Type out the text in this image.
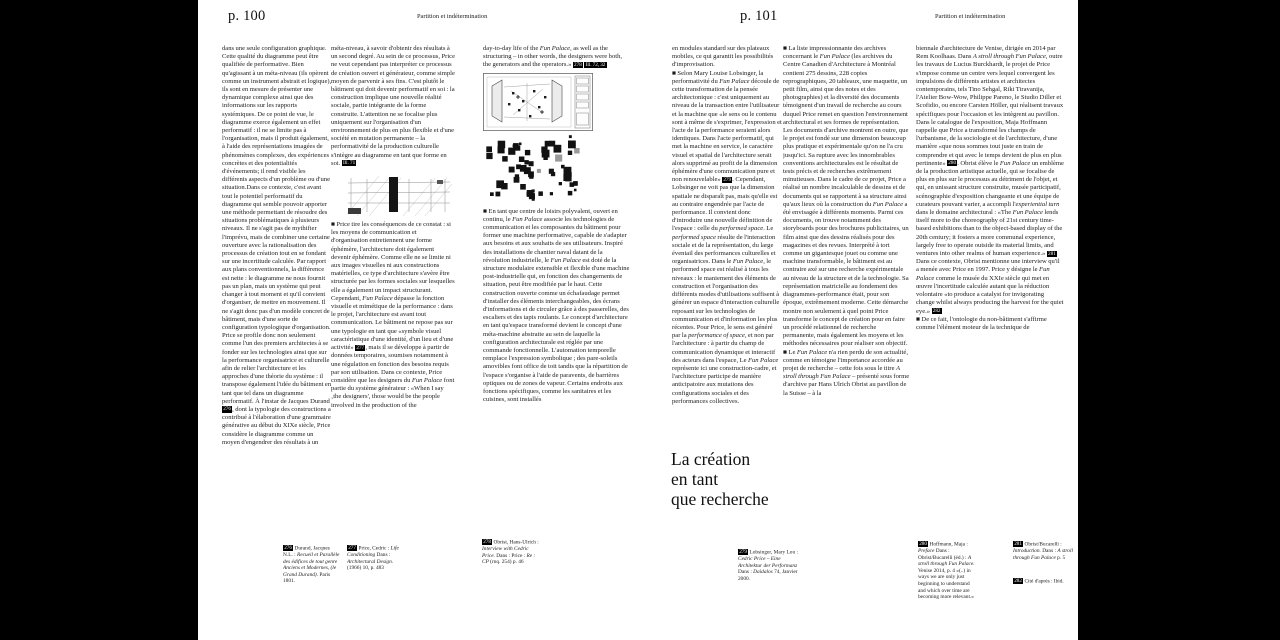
p. 100	Partition et indétermination

dans une seule configuration graphique. Cette qualité du diagramme peut être qualifiée de performative. Bien qu'agissant à un méta-niveau (ils opèrent comme un instrument abstrait et logique), ils sont en mesure de présenter une dynamique complexe ainsi que des informations sur les rapports systémiques. De ce point de vue, le diagramme exerce également un effet performatif : il ne se limite pas à l'organisation, mais il produit également, à l'aide des représentations imagées de phénomènes complexes, des expériences concrètes et des potentialités d'événements; il rend visible les différents aspects d'un problème ou d'une situation.Dans ce contexte, c'est avant tout le potentiel performatif du diagramme qui semble pouvoir apporter une méthode permettant de résoudre des situations problématiques à plusieurs niveaux. Il ne s'agit pas de mythifier l'imprévu, mais de combiner une certaine ouverture avec la rationalisation des processus de création tout en se fondant sur une incertitude calculée. Par rapport aux plans conventionnels, la différence est nette : le diagramme ne nous fournit pas un plan, mais un système qui peut changer à tout moment et qu'il convient d'organiser, de mettre en mouvement. Il ne s'agit donc pas d'un modèle concret de bâtiment, mais d'une sorte de configuration typologique d'organisation. Price se profile donc non seulement comme l'un des premiers architectes à se fonder sur les technologies ainsi que sur la performance organisatrice et culturelle afin de relier l'architecture et les approches d'une théorie du système : il transpose également l'idée du bâtiment en tant que tel dans un diagramme performatif. À l'instar de Jacques Durand 276, dont la typologie des constructions a contribué à l'élaboration d'une grammaire générative au début du XIXe siècle, Price considère le diagramme comme un moyen d'engendrer des résultats à un

méta-niveau, à savoir d'obtenir des résultats à un second degré. Au sein de ce processus, Price ne veut cependant pas interpréter ce processus de création ouvert et générateur, comme simple moyen de parvenir à ses fins. C'est plutôt le bâtiment qui doit devenir performatif en soi : la construction implique une nouvelle réalité sociale, partie intégrante de la forme construite. L'attention ne se focalise plus uniquement sur l'organisation d'un environnement de plus en plus flexible et d'une société en mutation permanente – la performativité de la production culturelle s'intègre au diagramme en tant que forme en soi. Ill. 71

■ Price tire les conséquences de ce constat : si les moyens de communication et d'organisation entretiennent une forme éphémère, l'architecture doit également devenir éphémère. Comme elle ne se limite ni aux images visuelles ni aux constructions matérielles, ce type d'architecture s'avère être structurée par les formes sociales sur lesquelles elle a également un impact structurant. Cependant, Fun Palace dépasse la fonction visuelle et mimétique de la performance : dans le projet, l'architecture est avant tout communication. Le bâtiment ne repose pas sur une typologie en tant que «symbole visuel caractéristique d'une identité, d'un lieu et d'une activité» 277, mais il se développe à partir de données temporaires, soumises notamment à une régulation en fonction des besoins requis par son utilisation. Dans ce contexte, Price considère que les designers du Fun Palace font partie du système générateur : «When I say ‚the designers', those would be the people involved in the production of the

day-to-day life of the Fun Palace, as well as the structuring – in other words, the designers were both, the generators and the operators.» 278 Ill. 72, 32

■ En tant que centre de loisirs polyvalent, ouvert en continu, le Fun Palace associe les technologies de communication et les composantes du bâtiment pour former une machine performative, capable de s'adapter aux besoins et aux souhaits de ses utilisateurs. Inspiré des installations de chantier naval datant de la révolution industrielle, le Fun Palace est doté de la structure modulaire extensible et flexible d'une machine post-industrielle qui, en fonction des changements de situation, peut être modifiée par le haut. Cette construction ouverte comme un échafaudage permet d'installer des éléments interchangeables, des écrans d'informations et de circuler grâce à des passerelles, des escaliers et des tapis roulants. Le concept d'architecture en tant qu'espace transformé devient le concept d'une méta-machine abstraite au sein de laquelle la configuration architecturale est réglée par une commande fonctionnelle. L'automation temporelle remplace l'expression symbolique ; des pare-soleils amovibles font office de toit tandis que la répartition de l'espace s'organise à l'aide de paravents, de barrières optiques ou de zones de vapeur. Certains endroits aux fonctions spécifiques, comme les sanitaires et les cuisines, sont installés

276 Durand, Jacques N.L. : Recueil et Parallèle des édifices de tout genre Anciens et Modernes, (le Grand Durand). Paris 1801.
277 Price, Cedric : Life Conditioning Dans : Architectural Design. (1966) 10, p. 483
278 Obrist, Hans-Ulrich : Interview with Cedric Price. Dans : Price : Re : CP (rnq. 254) p. 46
p. 101	Partition et indétermination

en modules standard sur des plateaux mobiles, ce qui garantit les possibilités d'improvisation.

■ Selon Mary Louise Lobsinger, la performativité du Fun Palace découle de cette transformation de la pensée architectonique : c'est uniquement au niveau de la transaction entre l'utilisateur et la machine que «le sens ou le contenu sont à même de s'exprimer, l'expression et l'acte de la performance seraient alors identiques. Dans l'acte performatif, qui met la machine en service, le caractère visuel et spatial de l'architecture serait alors supprimé au profit de la dimension éphémère d'une communication pure et non renouvelable» 279. Cependant, Lobsinger ne voit pas que la dimension spatiale ne disparaît pas, mais qu'elle est au contraire engendrée par l'acte de performance. Il convient donc d'introduire une nouvelle définition de l'espace : celle du performed space. Le performed space résulte de l'interaction sociale et de la représentation, du large éventail des performances culturelles et organisatrices. Dans le Fun Palace, le performed space est réalisé à tous les niveaux : le maniement des éléments de construction et l'organisation des différents modes d'utilisations suffisent à générer un espace d'interaction culturelle reposant sur les technologies de communication et d'information les plus récentes. Pour Price, le sens est généré par la performance of space, et non par l'architecture : à partir du champ de communication dynamique et interactif des acteurs dans l'espace, Le Fun Palace représente ici une construction-cadre, et l'architecture participe de manière anticipatoire aux mutations des configurations sociales et des performances collectives.

■ La liste impressionnante des archives concernant le Fun Palace (les archives du Centre Canadien d'Architecture à Montréal contient 275 dessins, 228 copies reprographiques, 20 tableaux, une maquette, un petit film, ainsi que des notes et des photographies) et la diversité des documents témoignent d'un travail de recherche au cours duquel Price remet en question l'environnement architectural et ses formes de représentation. Les documents d'archive montrent en outre, que le projet est fondé sur une dimension beaucoup plus pratique et expérimentale qu'on ne l'a cru jusqu'ici. Sa rupture avec les innombrables conventions architecturales est le résultat de tests précis et de recherches extrêmement minutieuses. Dans le cadre de ce projet, Price a réalisé un nombre incalculable de dessins et de documents qui se rapportent à sa structure ainsi qu'aux lieux où la construction du Fun Palace a été envisagée à différents moments. Parmi ces documents, on trouve notamment des storyboards pour des brochures publicitaires, un film ainsi que des dessins réalisés pour des magazines et des revues. Interprété à tort comme un gigantesque jouet ou comme une machine transformable, le bâtiment est au contraire axé sur une recherche expérimentale au niveau de la structure et de la technologie. Sa représentation matricielle au fondement des diagrammes-performance était, pour son époque, extrêmement moderne. Cette démarche montre non seulement à quel point Price transforme le concept de création pour en faire un procédé relationnel de recherche permanente, mais également les moyens et les méthodes nécessaires pour réaliser son objectif.

■ Le Fun Palace n'a rien perdu de son actualité, comme en témoigne l'importance accordée au projet de recherche – cette fois sous le titre A stroll through Fun Palace – présenté sous forme d'archive par Hans Ulrich Obrist au pavillon de la Suisse – à la

biennale d'architecture de Venise, dirigée en 2014 par Rem Koolhaas. Dans A stroll through Fun Palace, outre les travaux de Lucius Burckhardt, le projet de Price s'impose comme un centre vers lequel convergent les impulsions de différents artistes et architectes contemporains, tels Tino Sehgal, Riki Tiravanija, l'Atelier Bow-Wow, Philippe Pareno, le Studio Diller et Scofidio, ou encore Carsten Höller, qui réalisent travaux spécifiques pour l'occasion et les intègrent au pavillon. Dans le catalogue de l'exposition, Maja Hoffmann rappelle que Price a transformé les champs de l'urbanisme, de la sociologie et de l'architecture, d'une manière «que nous sommes tout juste en train de comprendre et qui avec le temps devient de plus en plus pertinente» 280. Obrist élève le Fun Palace un emblème de la production artistique actuelle, qui se focalise de plus en plus sur le processus au détriment de l'objet, et qui, en unissant structure construite, musée participatif, scénographie d'exposition changeante et une équipe de curateurs pouvant varier, a accompli l'experiential turn dans le domaine architectural : «The Fun Palace lends itself more to the choreography of 21st century time-based exhibitions than to the object-based display of the 20th century; it fosters a more communal experience, largely free to operate outside its material limits, and ventures into other realms of human experience.» 281 Dans ce contexte, Obrist mentionne une interview qu'il a menée avec Price en 1997. Price y désigne le Fun Palace comme le musée du XXIe siècle qui met en œuvre l'incertitude calculée autant que la réduction volontaire «to produce a catalyst for invigorating change whilst always producing the harvest for the quiet eye.» 282

■ De ce fait, l'ontologie du non-bâtiment s'affirme comme l'élément moteur de la technique de

La création
en tant
que recherche
279 Lobsinger, Mary Lou : Cedric Price – Eine Architektur der Performanz Dans : Daidalos 74, Janvier 2000.
280 Hoffmann, Maja : Preface Dans : Obrist/Bucarelli (éd.) : A stroll through Fun Palace. Venise 2014, p. 4 «(..) in ways we are only just beginning to understand and which over time are becoming more relevant.»
281 Obrist/Bucarelli : Introduction. Dans : A stroll through Fun Palace p. 5
282 Cité d'après : Ibid.
